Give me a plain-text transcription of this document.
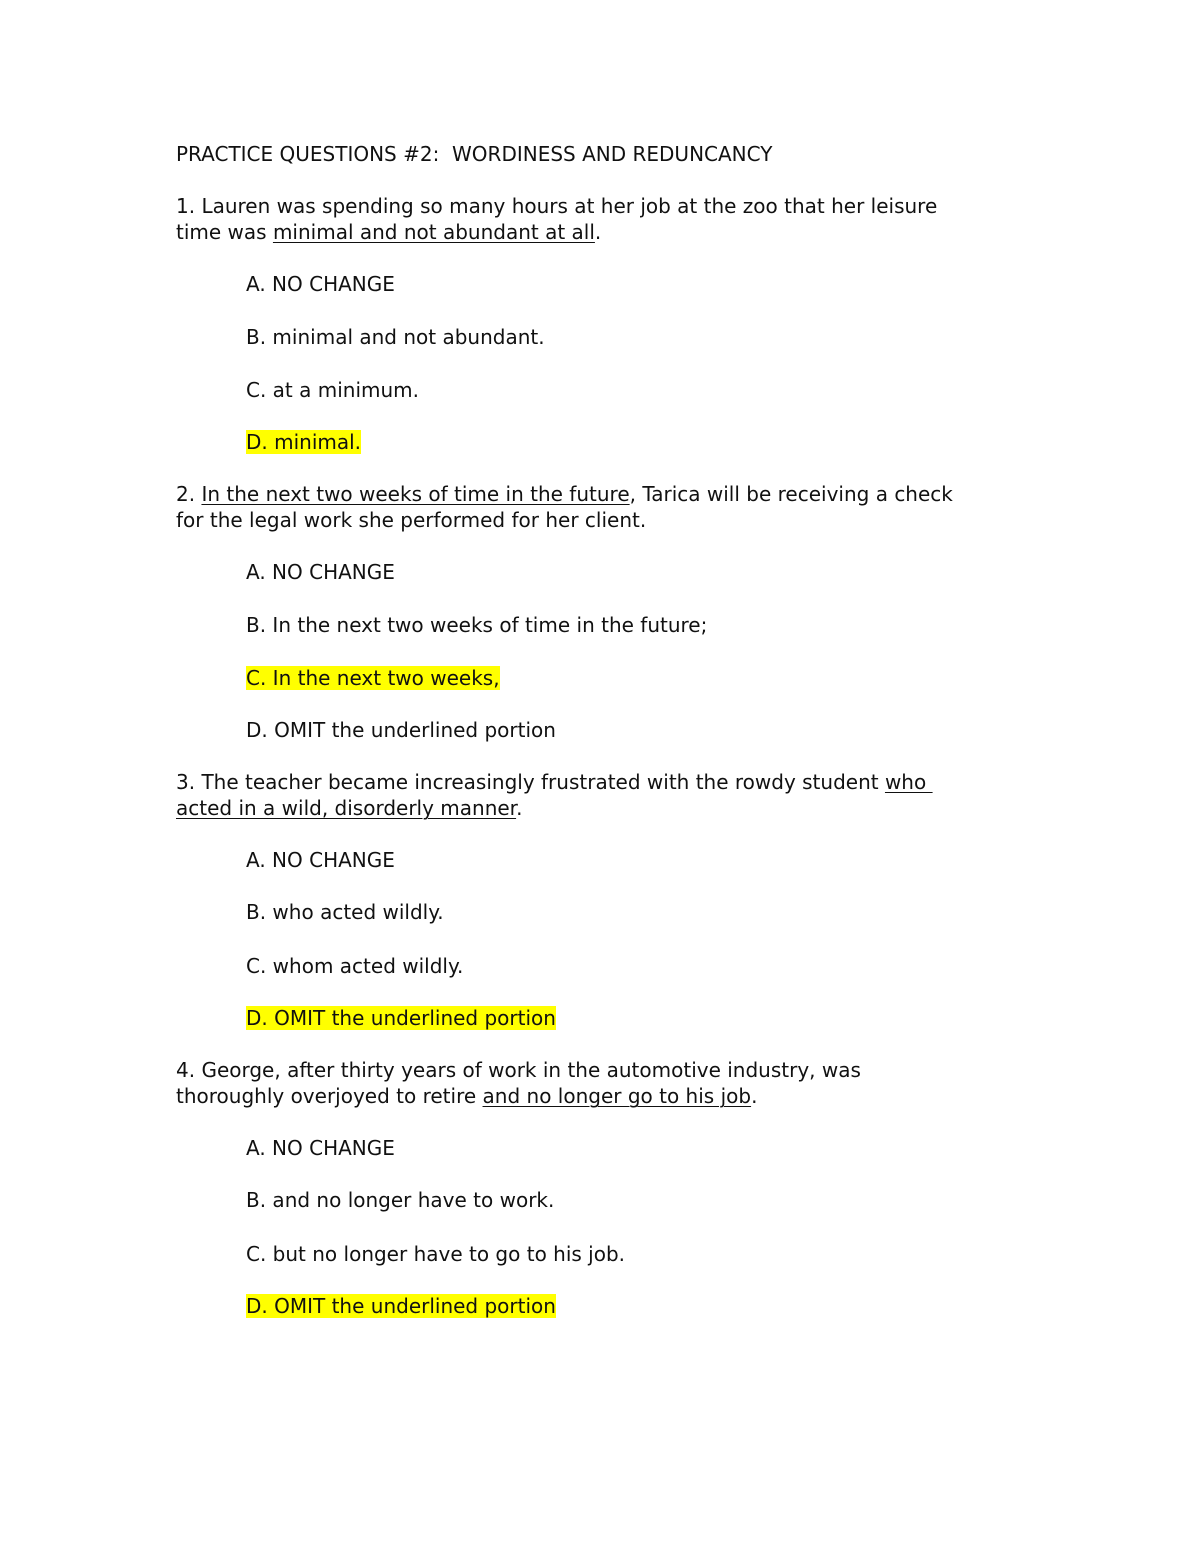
PRACTICE QUESTIONS #2:  WORDINESS AND REDUNCANCY
1. Lauren was spending so many hours at her job at the zoo that her leisure
time was minimal and not abundant at all.
A. NO CHANGE
B. minimal and not abundant.
C. at a minimum.
D. minimal.
2. In the next two weeks of time in the future, Tarica will be receiving a check
for the legal work she performed for her client.
A. NO CHANGE
B. In the next two weeks of time in the future;
C. In the next two weeks,
D. OMIT the underlined portion
3. The teacher became increasingly frustrated with the rowdy student who
acted in a wild, disorderly manner.
A. NO CHANGE
B. who acted wildly.
C. whom acted wildly.
D. OMIT the underlined portion
4. George, after thirty years of work in the automotive industry, was
thoroughly overjoyed to retire and no longer go to his job.
A. NO CHANGE
B. and no longer have to work.
C. but no longer have to go to his job.
D. OMIT the underlined portion
